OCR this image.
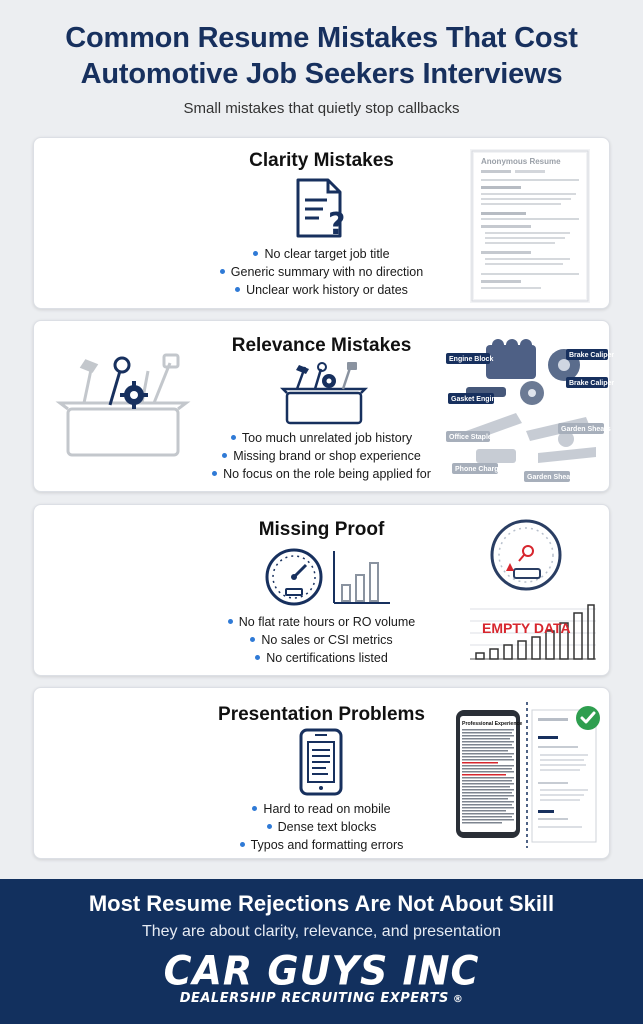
Common Resume Mistakes That Cost
Automotive Job Seekers Interviews
Small mistakes that quietly stop callbacks
Clarity Mistakes
?
No clear target job title
Generic summary with no direction
Unclear work history or dates
Anonymous Resume
Relevance Mistakes
Too much unrelated job history
Missing brand or shop experience
No focus on the role being applied for
Engine Block
Brake Caliper
Brake Caliper
Gasket Engine
Office Stapler
Garden Shears
Phone Charger
Garden Shears
Missing Proof
No flat rate hours or RO volume
No sales or CSI metrics
No certifications listed
EMPTY DATA
Presentation Problems
Hard to read on mobile
Dense text blocks
Typos and formatting errors
Professional Experience
Most Resume Rejections Are Not About Skill
They are about clarity, relevance, and presentation
CAR GUYS INC
DEALERSHIP RECRUITING EXPERTS ®
